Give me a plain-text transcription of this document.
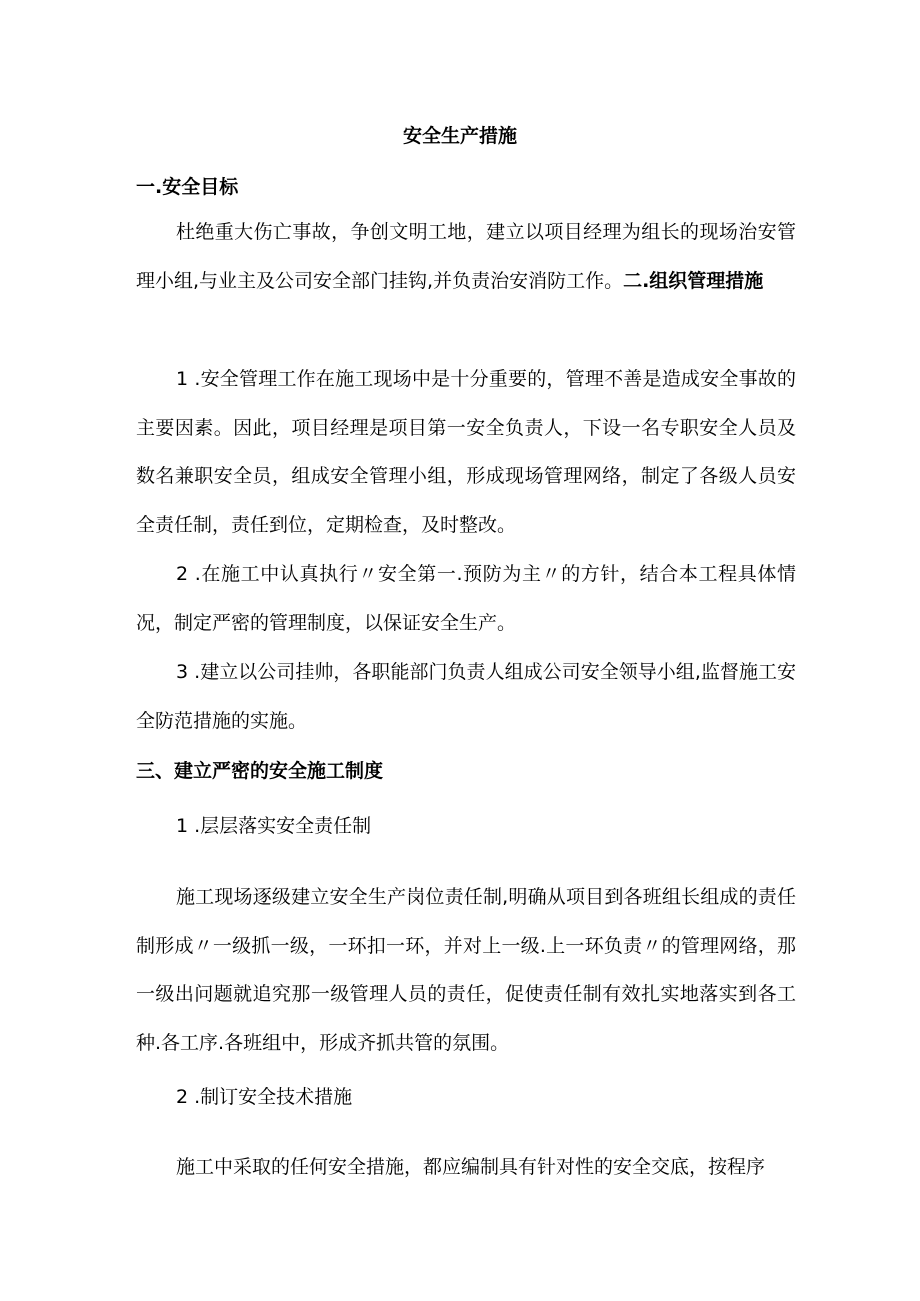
安全生产措施
一.安全目标

杜绝重大伤亡事故，争创文明工地，建立以项目经理为组长的现场治安管理小组,与业主及公司安全部门挂钩,并负责治安消防工作。二.组织管理措施

1 .安全管理工作在施工现场中是十分重要的，管理不善是造成安全事故的主要因素。因此，项目经理是项目第一安全负责人，下设一名专职安全人员及数名兼职安全员，组成安全管理小组，形成现场管理网络，制定了各级人员安全责任制，责任到位，定期检查，及时整改。

2 .在施工中认真执行〃安全第一.预防为主〃的方针，结合本工程具体情况，制定严密的管理制度，以保证安全生产。

3 .建立以公司挂帅，各职能部门负责人组成公司安全领导小组,监督施工安全防范措施的实施。

三、建立严密的安全施工制度

1 .层层落实安全责任制

施工现场逐级建立安全生产岗位责任制,明确从项目到各班组长组成的责任制形成〃一级抓一级，一环扣一环，并对上一级.上一环负责〃的管理网络，那一级出问题就追究那一级管理人员的责任，促使责任制有效扎实地落实到各工种.各工序.各班组中，形成齐抓共管的氛围。

2 .制订安全技术措施

施工中采取的任何安全措施，都应编制具有针对性的安全交底，按程序
